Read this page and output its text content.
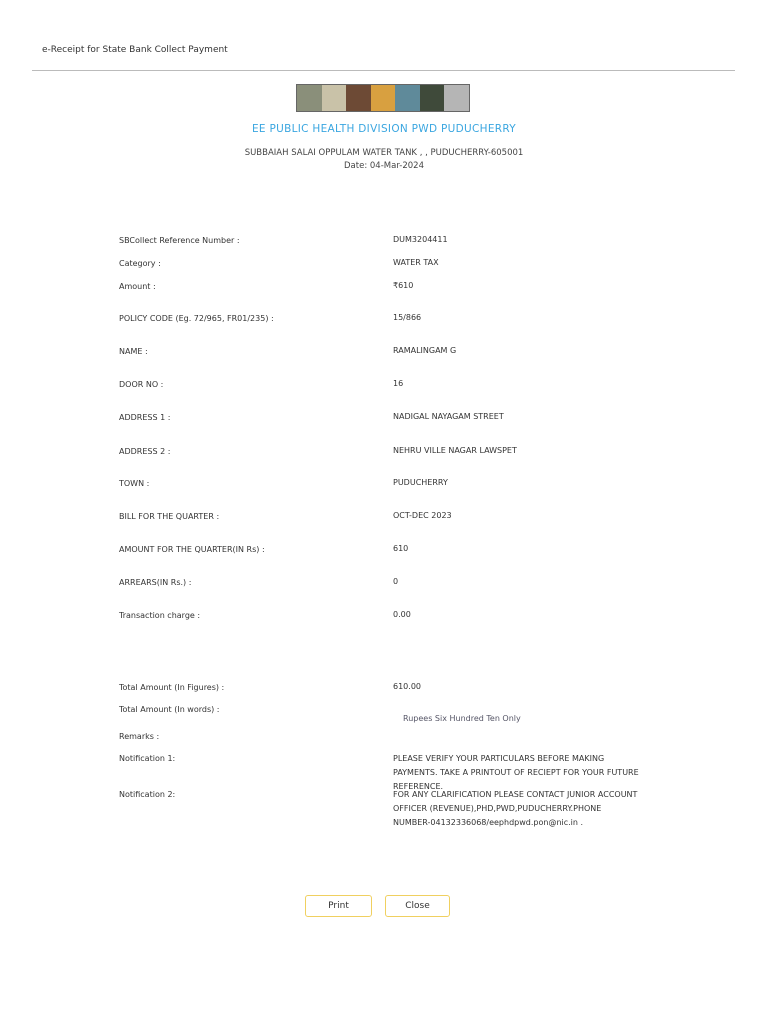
e-Receipt for State Bank Collect Payment
EE PUBLIC HEALTH DIVISION PWD PUDUCHERRY
SUBBAIAH SALAI OPPULAM WATER TANK , , PUDUCHERRY-605001
Date: 04-Mar-2024
SBCollect Reference Number :	DUM3204411
Category :	WATER TAX
Amount :	₹610
POLICY CODE (Eg. 72/965, FR01/235) :	15/866
NAME :	RAMALINGAM G
DOOR NO :	16
ADDRESS 1 :	NADIGAL NAYAGAM STREET
ADDRESS 2 :	NEHRU VILLE NAGAR LAWSPET
TOWN :	PUDUCHERRY
BILL FOR THE QUARTER :	OCT-DEC 2023
AMOUNT FOR THE QUARTER(IN Rs) :	610
ARREARS(IN Rs.) :	0
Transaction charge :	0.00
Total Amount (In Figures) :	610.00
Total Amount (In words) :
Rupees Six Hundred Ten Only
Remarks :
Notification 1:	PLEASE VERIFY YOUR PARTICULARS BEFORE MAKING PAYMENTS. TAKE A PRINTOUT OF RECIEPT FOR YOUR FUTURE REFERENCE.
Notification 2:	FOR ANY CLARIFICATION PLEASE CONTACT JUNIOR ACCOUNT OFFICER (REVENUE),PHD,PWD,PUDUCHERRY.PHONE NUMBER-04132336068/eephdpwd.pon@nic.in .
Print	Close
